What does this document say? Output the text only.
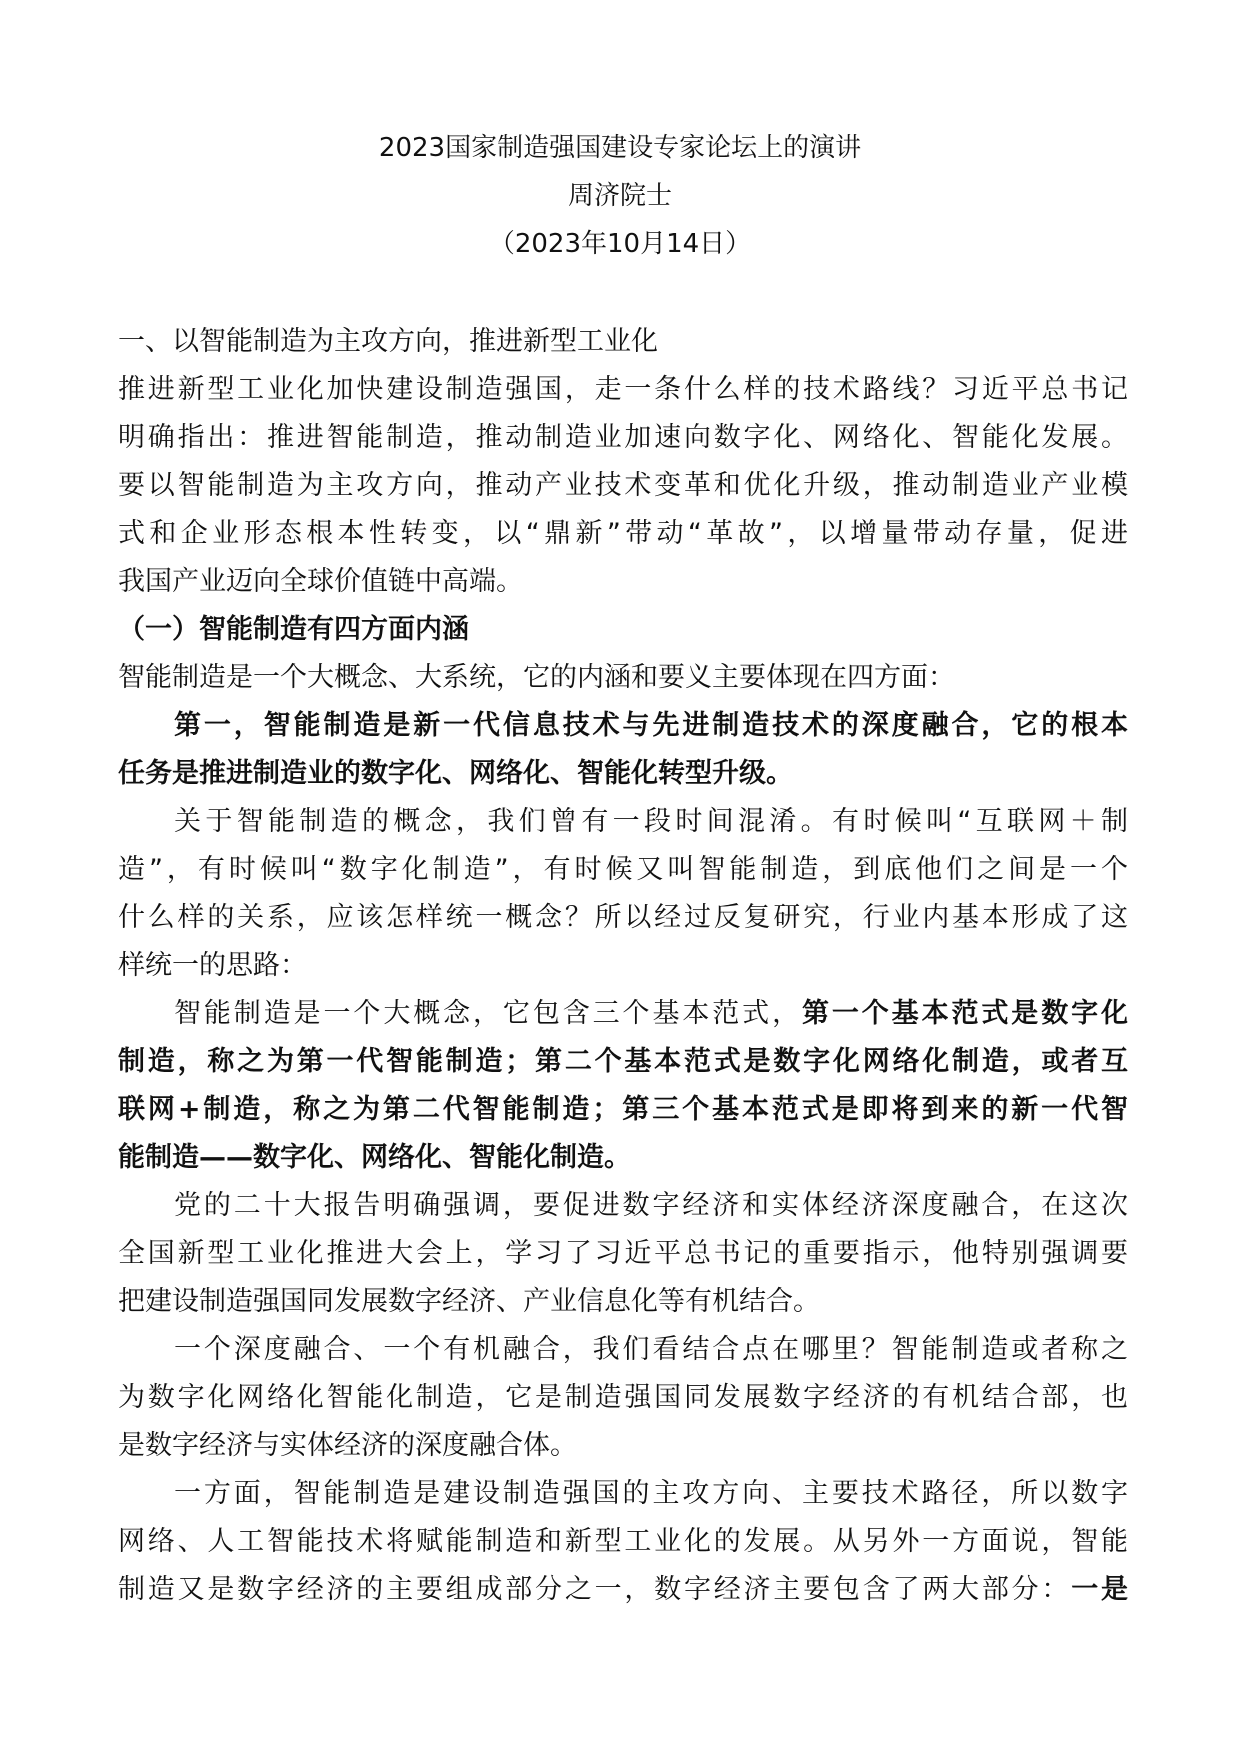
2023国家制造强国建设专家论坛上的演讲
周济院士
（2023年10月14日）
一、以智能制造为主攻方向，推进新型工业化
推进新型工业化加快建设制造强国，走一条什么样的技术路线？习近平总书记
明确指出：推进智能制造，推动制造业加速向数字化、网络化、智能化发展。
要以智能制造为主攻方向，推动产业技术变革和优化升级，推动制造业产业模
式和企业形态根本性转变，以“鼎新”带动“革故”，以增量带动存量，促进
我国产业迈向全球价值链中高端。
（一）智能制造有四方面内涵
智能制造是一个大概念、大系统，它的内涵和要义主要体现在四方面：
第一，智能制造是新一代信息技术与先进制造技术的深度融合，它的根本
任务是推进制造业的数字化、网络化、智能化转型升级。
关于智能制造的概念，我们曾有一段时间混淆。有时候叫“互联网＋制
造”，有时候叫“数字化制造”，有时候又叫智能制造，到底他们之间是一个
什么样的关系，应该怎样统一概念？所以经过反复研究，行业内基本形成了这
样统一的思路：
智能制造是一个大概念，它包含三个基本范式，第一个基本范式是数字化
制造，称之为第一代智能制造；第二个基本范式是数字化网络化制造，或者互
联网+制造，称之为第二代智能制造；第三个基本范式是即将到来的新一代智
能制造——数字化、网络化、智能化制造。
党的二十大报告明确强调，要促进数字经济和实体经济深度融合，在这次
全国新型工业化推进大会上，学习了习近平总书记的重要指示，他特别强调要
把建设制造强国同发展数字经济、产业信息化等有机结合。
一个深度融合、一个有机融合，我们看结合点在哪里？智能制造或者称之
为数字化网络化智能化制造，它是制造强国同发展数字经济的有机结合部，也
是数字经济与实体经济的深度融合体。
一方面，智能制造是建设制造强国的主攻方向、主要技术路径，所以数字
网络、人工智能技术将赋能制造和新型工业化的发展。从另外一方面说，智能
制造又是数字经济的主要组成部分之一，数字经济主要包含了两大部分：一是
